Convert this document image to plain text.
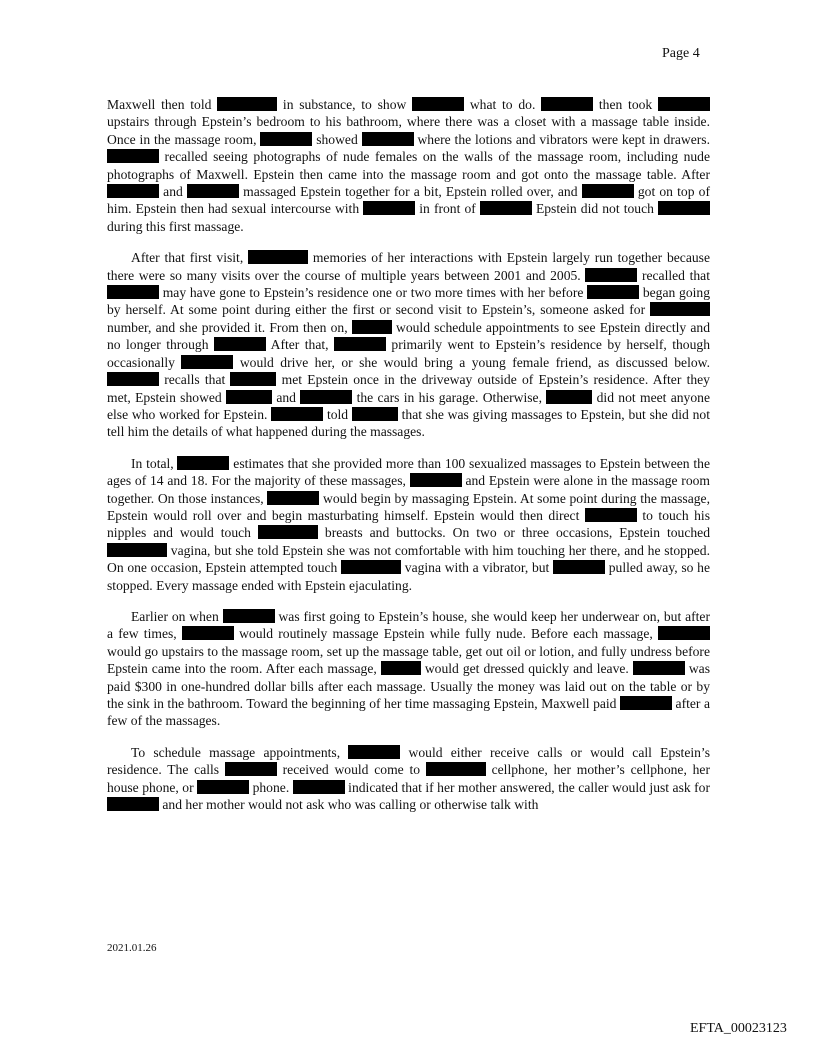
Page 4

Maxwell then told	in substance, to show	what to do.	then took  upstairs through Epstein’s bedroom to his bathroom, where there was a closet with a massage table inside. Once in the massage room,	showed	where the lotions and vibrators were kept in drawers.  recalled seeing photographs of nude females on the walls of the massage room, including nude photographs of Maxwell. Epstein then came into the massage room and got onto the massage table. After  and	massaged Epstein together for a bit, Epstein rolled over, and	got on top of him. Epstein then had sexual intercourse with	in front of	Epstein did not touch  during this first massage.

After that first visit,	memories of her interactions with Epstein largely run together because there were so many visits over the course of multiple years between 2001 and 2005.	recalled that  may have gone to Epstein’s residence one or two more times with her before	began going by herself. At some point during either the first or second visit to Epstein’s, someone asked for  number, and she provided it. From then on,	would schedule appointments to see Epstein directly and no longer through	After that,	primarily went to Epstein’s residence by herself, though occasionally	would drive her, or she would bring a young female friend, as discussed below.  recalls that	met Epstein once in the driveway outside of Epstein’s residence. After they met, Epstein showed	and	the cars in his garage. Otherwise,	did not meet anyone else who worked for Epstein.	told	that she was giving massages to Epstein, but she did not tell him the details of what happened during the massages.

In total,	estimates that she provided more than 100 sexualized massages to Epstein between the ages of 14 and 18. For the majority of these massages,	and Epstein were alone in the massage room together. On those instances,	would begin by massaging Epstein. At some point during the massage, Epstein would roll over and begin masturbating himself. Epstein would then direct	to touch his nipples and would touch	breasts and buttocks. On two or three occasions, Epstein touched  vagina, but she told Epstein she was not comfortable with him touching her there, and he stopped. On one occasion, Epstein attempted touch	vagina with a vibrator, but	pulled away, so he stopped. Every massage ended with Epstein ejaculating.

Earlier on when	was first going to Epstein’s house, she would keep her underwear on, but after a few times,	would routinely massage Epstein while fully nude. Before each massage,  would go upstairs to the massage room, set up the massage table, get out oil or lotion, and fully undress before Epstein came into the room. After each massage,	would get dressed quickly and leave.	was paid $300 in one-hundred dollar bills after each massage. Usually the money was laid out on the table or by the sink in the bathroom. Toward the beginning of her time massaging Epstein, Maxwell paid	after a few of the massages.

To schedule massage appointments,	would either receive calls or would call Epstein’s residence. The calls	received would come to	cellphone, her mother’s cellphone, her house phone, or	phone.	indicated that if her mother answered, the caller would just ask for  and her mother would not ask who was calling or otherwise talk with

2021.01.26
EFTA_00023123
